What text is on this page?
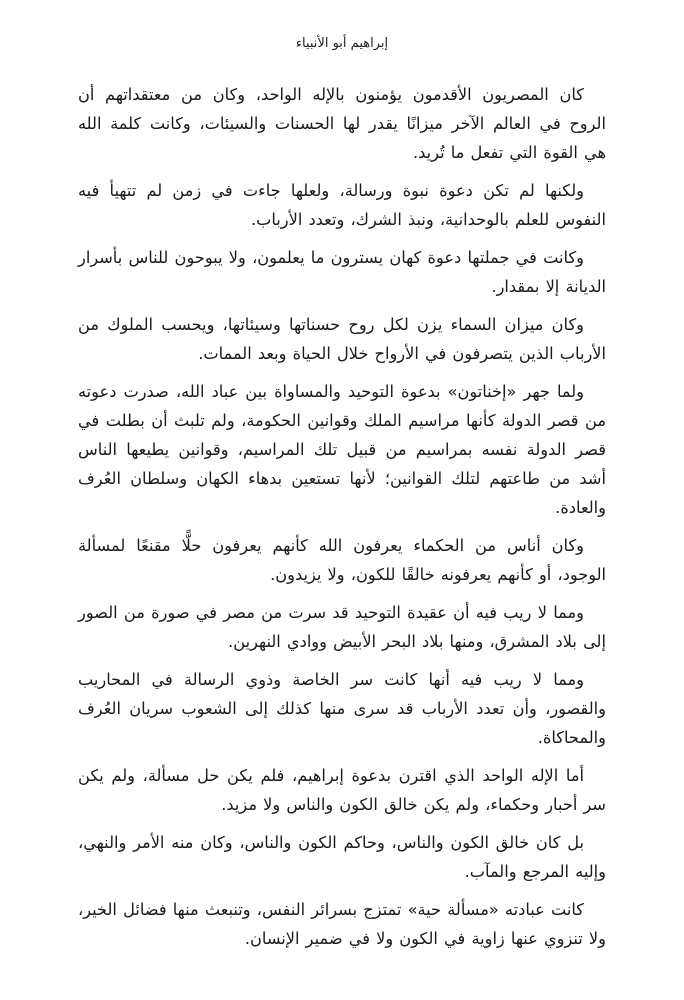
إبراهيم أبو الأنبياء

كان المصريون الأقدمون يؤمنون بالإله الواحد، وكان من معتقداتهم أن الروح في العالم الآخر ميزانًا يقدر لها الحسنات والسيئات، وكانت كلمة الله هي القوة التي تفعل ما تُريد.

ولكنها لم تكن دعوة نبوة ورسالة، ولعلها جاءت في زمن لم تتهيأ فيه النفوس للعلم بالوحدانية، ونبذ الشرك، وتعدد الأرباب.

وكانت في جملتها دعوة كهان يسترون ما يعلمون، ولا يبوحون للناس بأسرار الديانة إلا بمقدار.

وكان ميزان السماء يزن لكل روح حسناتها وسيئاتها، ويحسب الملوك من الأرباب الذين يتصرفون في الأرواح خلال الحياة وبعد الممات.

ولما جهر «إخناتون» بدعوة التوحيد والمساواة بين عباد الله، صدرت دعوته من قصر الدولة كأنها مراسيم الملك وقوانين الحكومة، ولم تلبث أن بطلت في قصر الدولة نفسه بمراسيم من قبيل تلك المراسيم، وقوانين يطيعها الناس أشد من طاعتهم لتلك القوانين؛ لأنها تستعين بدهاء الكهان وسلطان العُرف والعادة.

وكان أناس من الحكماء يعرفون الله كأنهم يعرفون حلًّا مقنعًا لمسألة الوجود، أو كأنهم يعرفونه خالقًا للكون، ولا يزيدون.

ومما لا ريب فيه أن عقيدة التوحيد قد سرت من مصر في صورة من الصور إلى بلاد المشرق، ومنها بلاد البحر الأبيض ووادي النهرين.

ومما لا ريب فيه أنها كانت سر الخاصة وذوي الرسالة في المحاريب والقصور، وأن تعدد الأرباب قد سرى منها كذلك إلى الشعوب سريان العُرف والمحاكاة.

أما الإله الواحد الذي اقترن بدعوة إبراهيم، فلم يكن حل مسألة، ولم يكن سر أحبار وحكماء، ولم يكن خالق الكون والناس ولا مزيد.

بل كان خالق الكون والناس، وحاكم الكون والناس، وكان منه الأمر والنهي، وإليه المرجع والمآب.

كانت عبادته «مسألة حية» تمتزج بسرائر النفس، وتنبعث منها فضائل الخير، ولا تنزوي عنها زاوية في الكون ولا في ضمير الإنسان.
